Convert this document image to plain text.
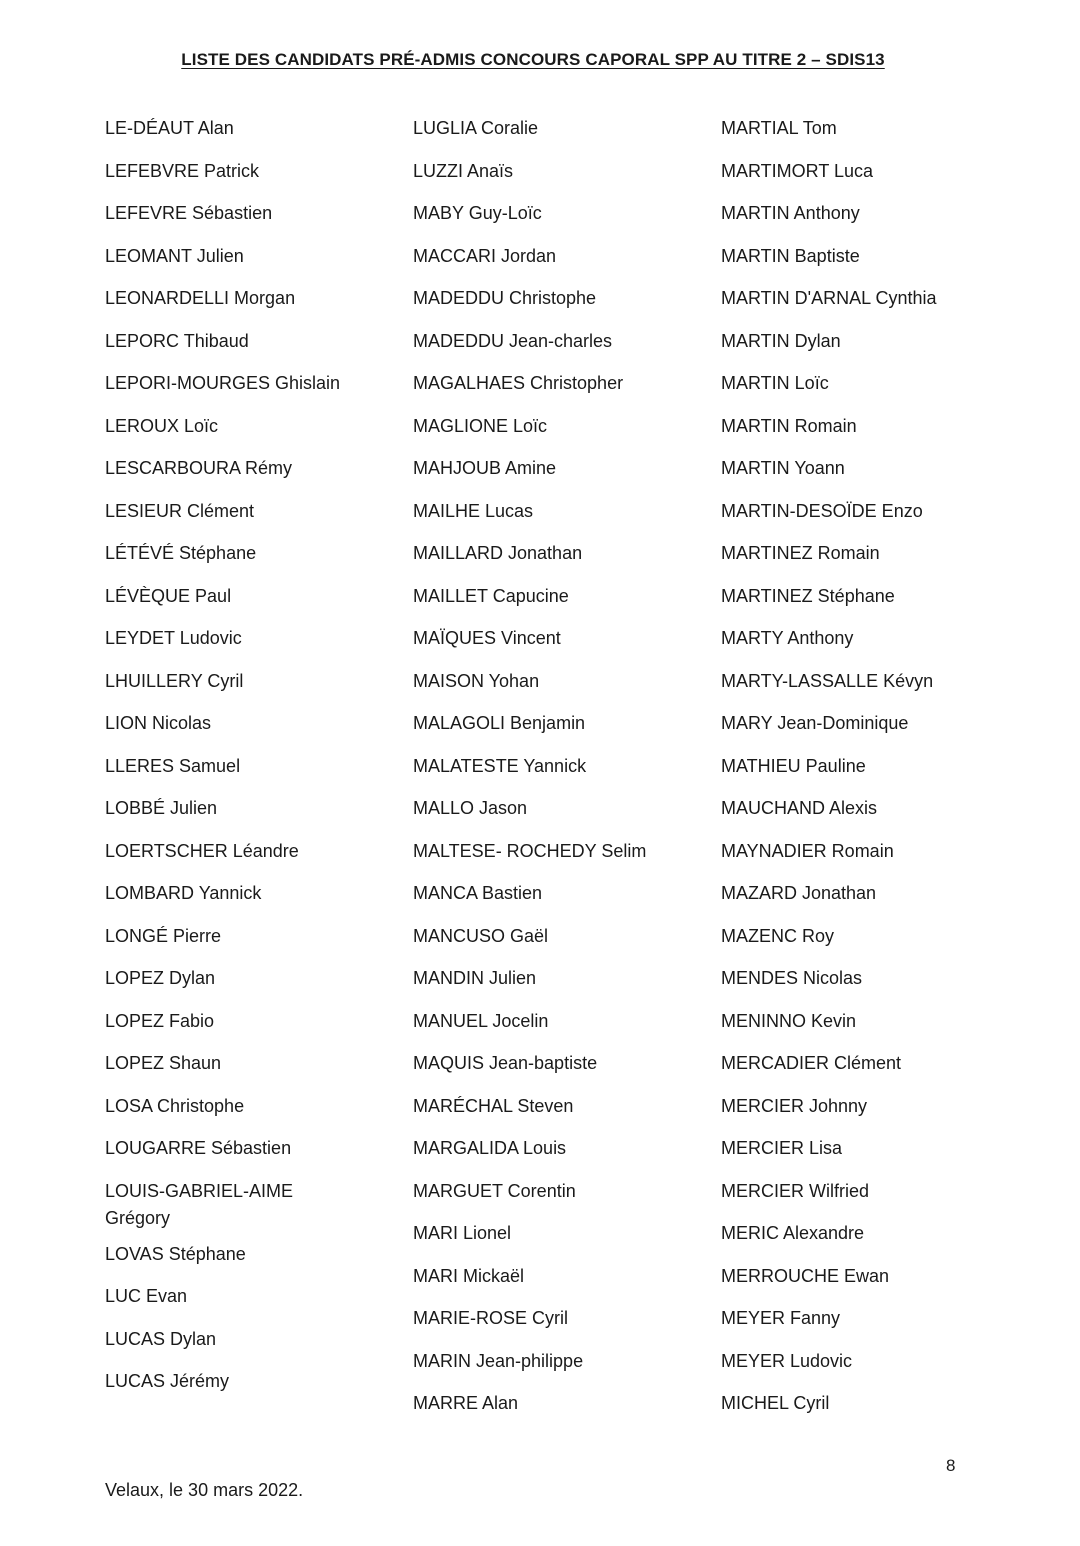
LISTE DES CANDIDATS PRÉ-ADMIS CONCOURS CAPORAL SPP AU TITRE 2 – SDIS13
LE-DÉAUT Alan
LEFEBVRE Patrick
LEFEVRE Sébastien
LEOMANT Julien
LEONARDELLI Morgan
LEPORC Thibaud
LEPORI-MOURGES Ghislain
LEROUX Loïc
LESCARBOURA Rémy
LESIEUR Clément
LÉTÉVÉ Stéphane
LÉVÈQUE Paul
LEYDET Ludovic
LHUILLERY Cyril
LION Nicolas
LLERES Samuel
LOBBÉ Julien
LOERTSCHER Léandre
LOMBARD Yannick
LONGÉ Pierre
LOPEZ Dylan
LOPEZ Fabio
LOPEZ Shaun
LOSA Christophe
LOUGARRE Sébastien
LOUIS-GABRIEL-AIME Grégory
LOVAS Stéphane
LUC Evan
LUCAS Dylan
LUCAS Jérémy
LUGLIA Coralie
LUZZI Anaïs
MABY Guy-Loïc
MACCARI Jordan
MADEDDU Christophe
MADEDDU Jean-charles
MAGALHAES Christopher
MAGLIONE Loïc
MAHJOUB Amine
MAILHE Lucas
MAILLARD Jonathan
MAILLET Capucine
MAÏQUES Vincent
MAISON Yohan
MALAGOLI Benjamin
MALATESTE Yannick
MALLO Jason
MALTESE- ROCHEDY Selim
MANCA Bastien
MANCUSO Gaël
MANDIN Julien
MANUEL Jocelin
MAQUIS Jean-baptiste
MARÉCHAL Steven
MARGALIDA Louis
MARGUET Corentin
MARI Lionel
MARI Mickaël
MARIE-ROSE Cyril
MARIN Jean-philippe
MARRE Alan
MARTIAL Tom
MARTIMORT Luca
MARTIN Anthony
MARTIN Baptiste
MARTIN D'ARNAL Cynthia
MARTIN Dylan
MARTIN Loïc
MARTIN Romain
MARTIN Yoann
MARTIN-DESOÏDE Enzo
MARTINEZ Romain
MARTINEZ Stéphane
MARTY Anthony
MARTY-LASSALLE Kévyn
MARY Jean-Dominique
MATHIEU Pauline
MAUCHAND Alexis
MAYNADIER Romain
MAZARD Jonathan
MAZENC Roy
MENDES Nicolas
MENINNO Kevin
MERCADIER Clément
MERCIER Johnny
MERCIER Lisa
MERCIER Wilfried
MERIC Alexandre
MERROUCHE Ewan
MEYER Fanny
MEYER Ludovic
MICHEL Cyril
8
Velaux, le 30 mars 2022.
